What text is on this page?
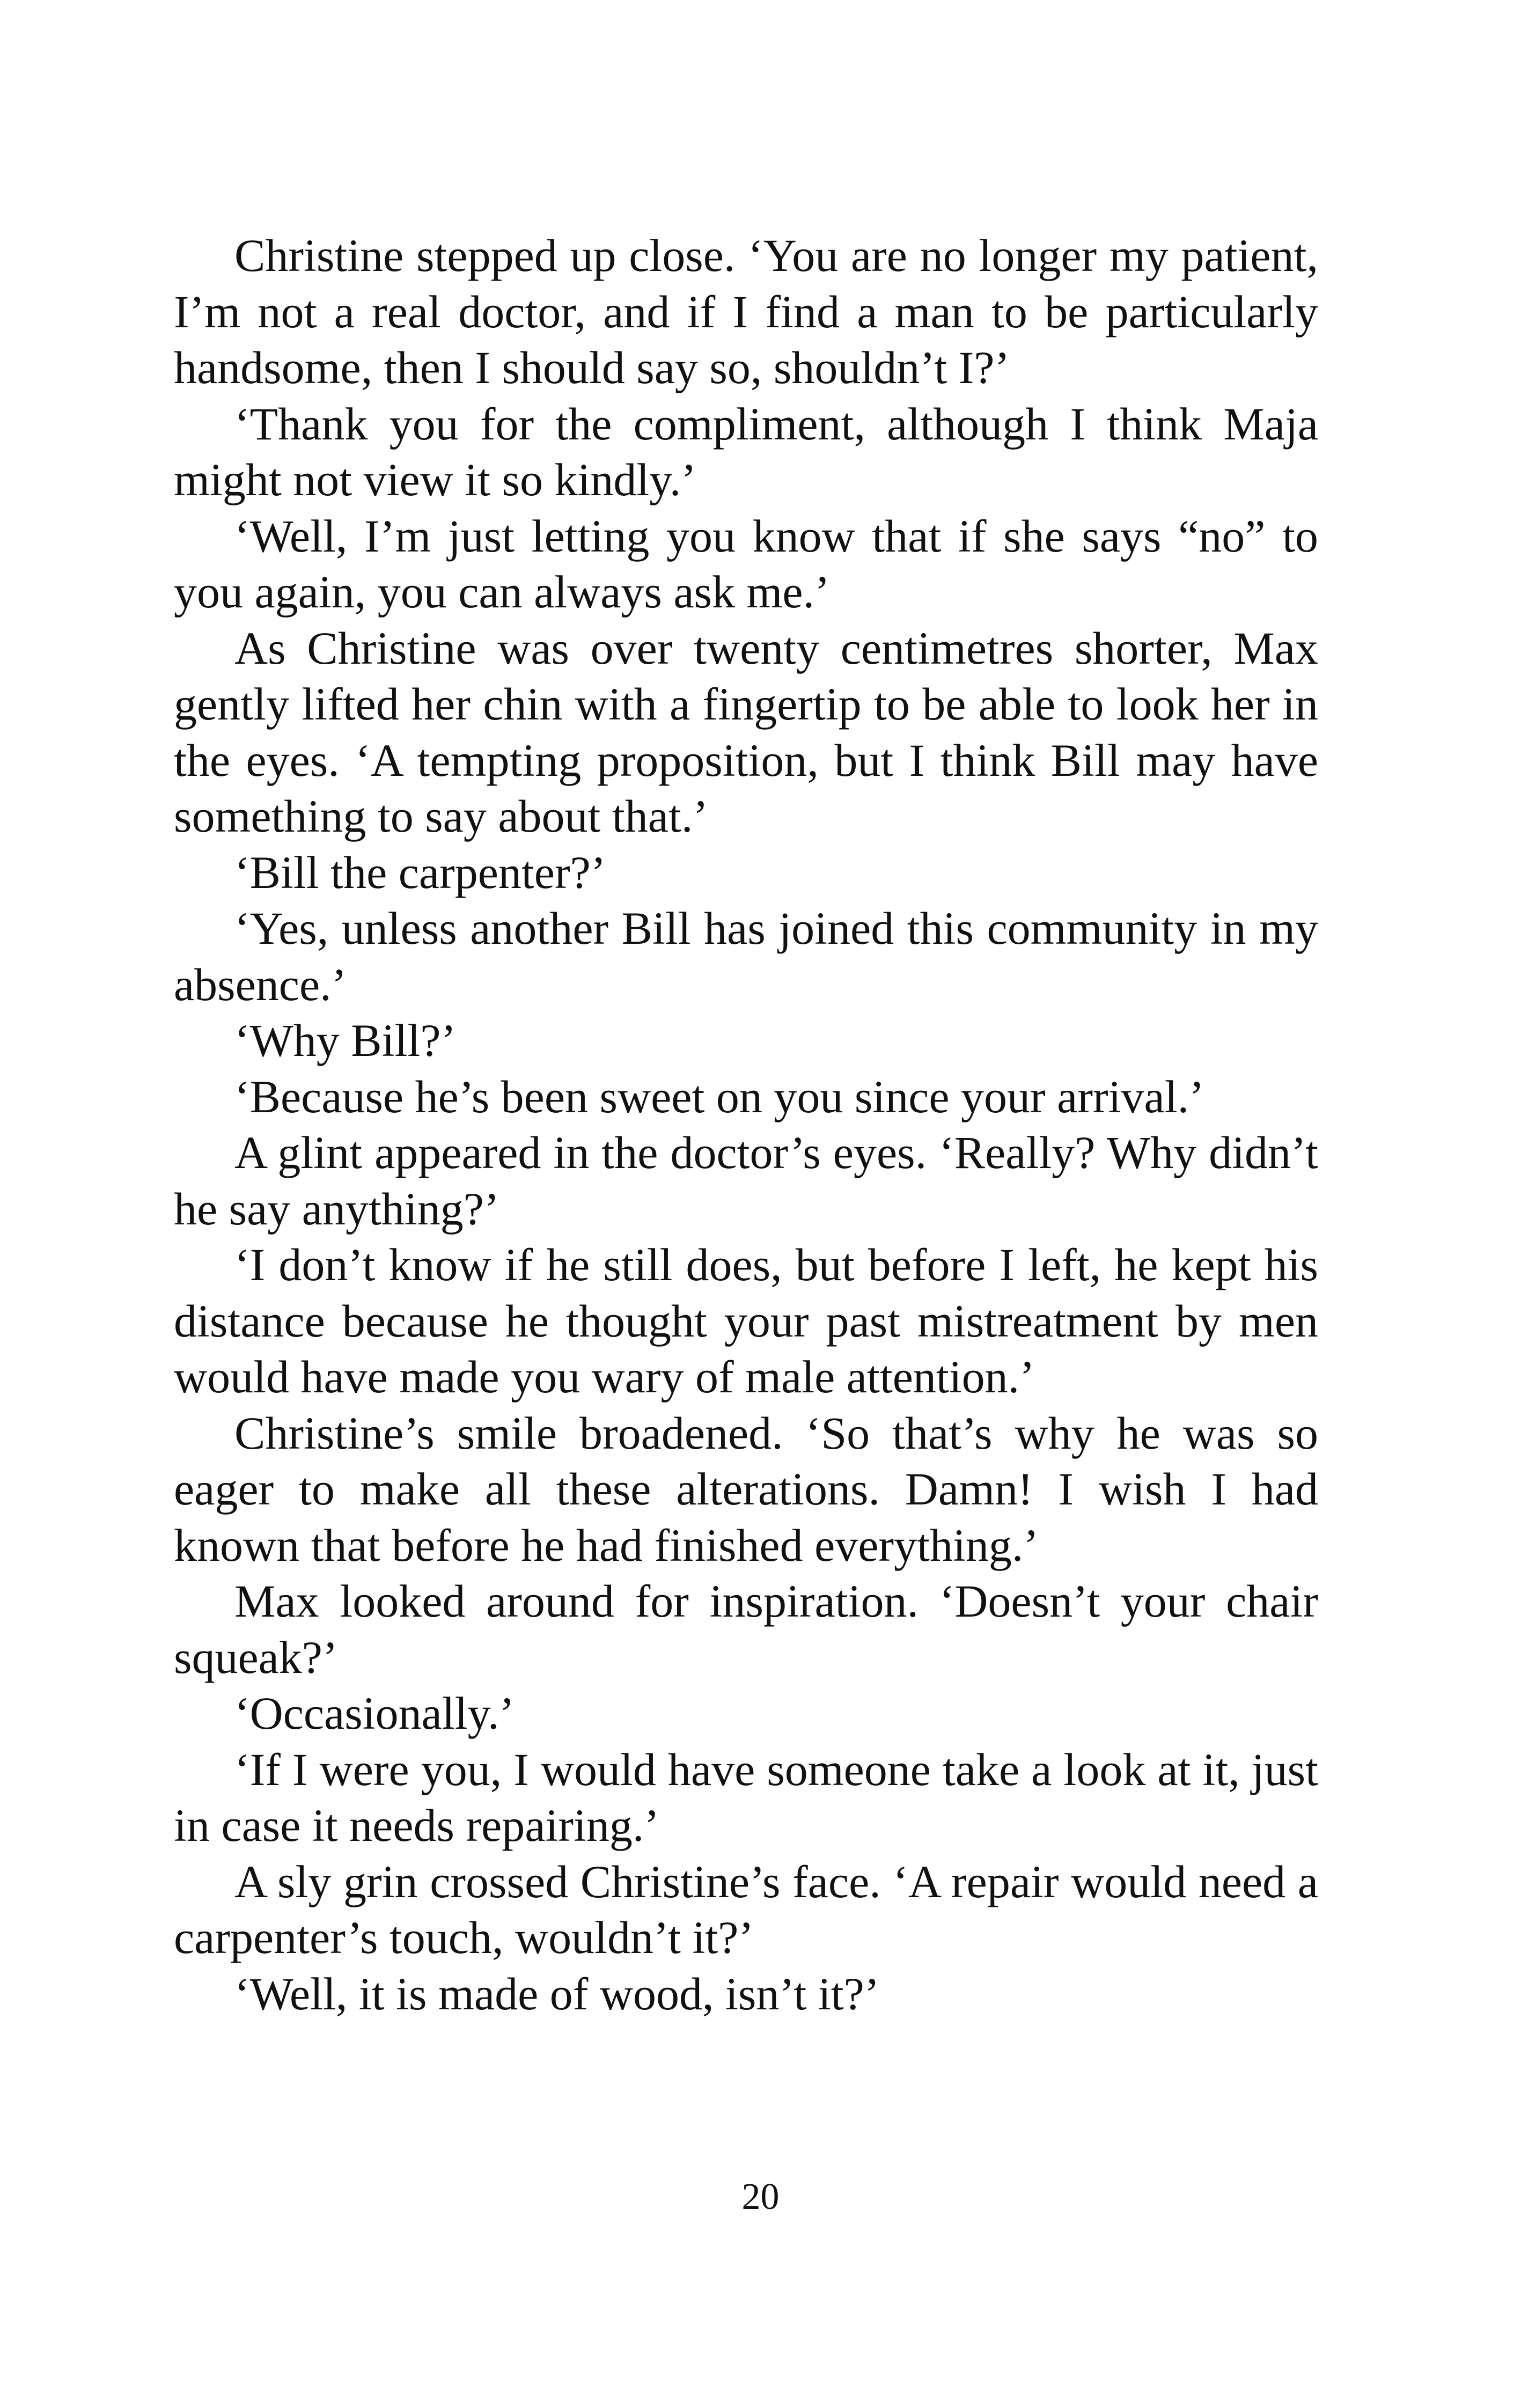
Christine stepped up close. ‘You are no longer my patient, I’m not a real doctor, and if I find a man to be particularly handsome, then I should say so, shouldn’t I?’

‘Thank you for the compliment, although I think Maja might not view it so kindly.’

‘Well, I’m just letting you know that if she says “no” to you again, you can always ask me.’

As Christine was over twenty centimetres shorter, Max gently lifted her chin with a fingertip to be able to look her in the eyes. ‘A tempting proposition, but I think Bill may have something to say about that.’

‘Bill the carpenter?’

‘Yes, unless another Bill has joined this community in my absence.’

‘Why Bill?’

‘Because he’s been sweet on you since your arrival.’

A glint appeared in the doctor’s eyes. ‘Really? Why didn’t he say anything?’

‘I don’t know if he still does, but before I left, he kept his distance because he thought your past mistreatment by men would have made you wary of male attention.’

Christine’s smile broadened. ‘So that’s why he was so eager to make all these alterations. Damn! I wish I had known that before he had finished everything.’

Max looked around for inspiration. ‘Doesn’t your chair squeak?’

‘Occasionally.’

‘If I were you, I would have someone take a look at it, just in case it needs repairing.’

A sly grin crossed Christine’s face. ‘A repair would need a carpenter’s touch, wouldn’t it?’

‘Well, it is made of wood, isn’t it?’

20
